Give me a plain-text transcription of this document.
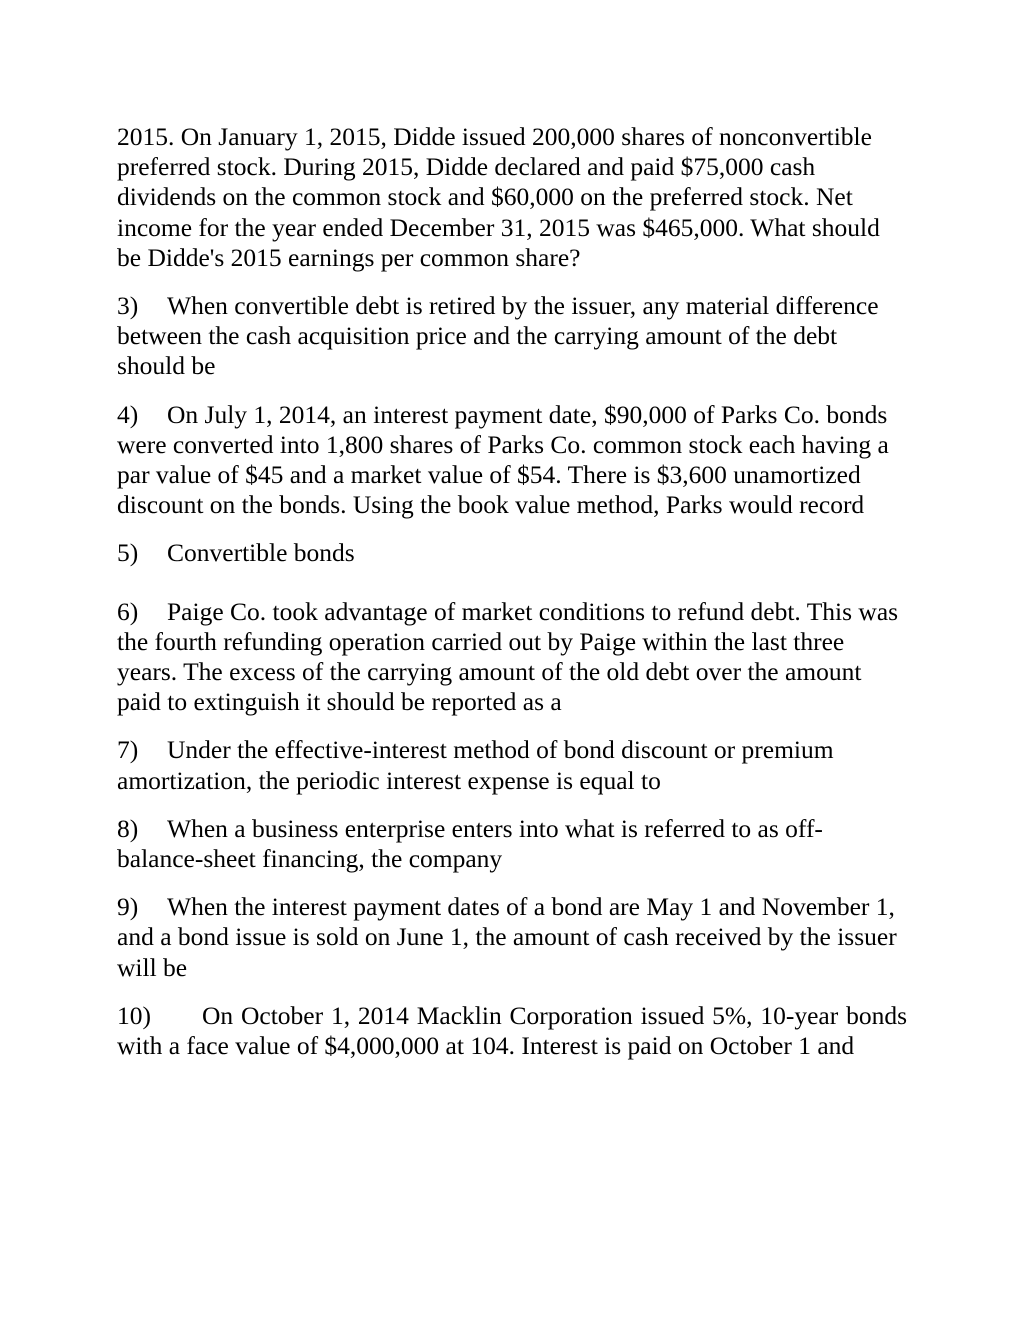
2015. On January 1, 2015, Didde issued 200,000 shares of nonconvertible preferred stock. During 2015, Didde declared and paid $75,000 cash dividends on the common stock and $60,000 on the preferred stock. Net income for the year ended December 31, 2015 was $465,000. What should be Didde's 2015 earnings per common share?

3) When convertible debt is retired by the issuer, any material difference between the cash acquisition price and the carrying amount of the debt should be

4) On July 1, 2014, an interest payment date, $90,000 of Parks Co. bonds were converted into 1,800 shares of Parks Co. common stock each having a par value of $45 and a market value of $54. There is $3,600 unamortized discount on the bonds. Using the book value method, Parks would record

5) Convertible bonds

6) Paige Co. took advantage of market conditions to refund debt. This was the fourth refunding operation carried out by Paige within the last three years. The excess of the carrying amount of the old debt over the amount paid to extinguish it should be reported as a

7) Under the effective-interest method of bond discount or premium amortization, the periodic interest expense is equal to

8) When a business enterprise enters into what is referred to as off-balance-sheet financing, the company

9) When the interest payment dates of a bond are May 1 and November 1, and a bond issue is sold on June 1, the amount of cash received by the issuer will be

10) On October 1, 2014 Macklin Corporation issued 5%, 10-year bonds with a face value of $4,000,000 at 104. Interest is paid on October 1 and
